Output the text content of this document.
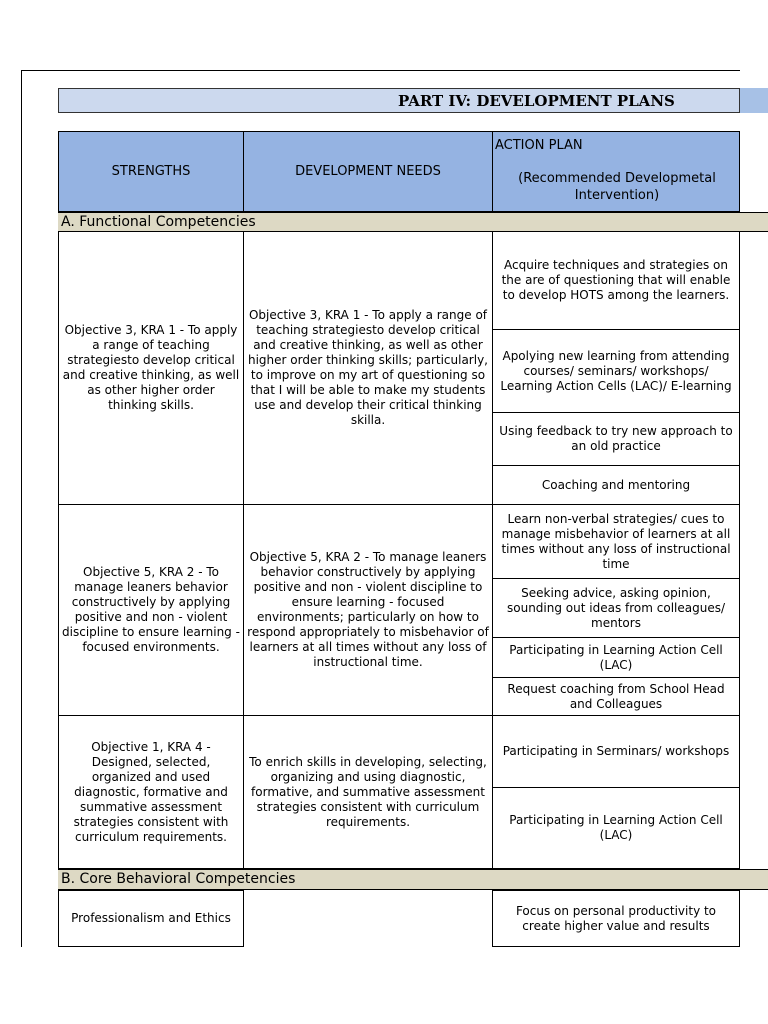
PART IV: DEVELOPMENT PLANS
STRENGTHS	DEVELOPMENT NEEDS
ACTION PLAN
(Recommended Developmetal Intervention)
A. Functional Competencies
Objective 3, KRA 1 - To apply a range of teaching strategiesto develop critical and creative thinking, as well as other higher order thinking skills.
Objective 3, KRA 1 - To apply a range of teaching strategiesto develop critical and creative thinking, as well as other higher order thinking skills; particularly, to improve on my art of questioning so that I will be able to make my students use and develop their critical thinking skilla.
Acquire techniques and strategies on the are of questioning that will enable to develop HOTS among the learners.
Apolying new learning from attending courses/ seminars/ workshops/ Learning Action Cells (LAC)/ E-learning
Using feedback to try new approach to an old practice
Coaching and mentoring
Objective 5, KRA 2 - To manage leaners behavior constructively by applying positive and non - violent discipline to ensure learning - focused environments.
Objective 5, KRA 2 - To manage leaners behavior constructively by applying positive and non - violent discipline to ensure learning - focused environments; particularly on how to respond appropriately to misbehavior of learners at all times without any loss of instructional time.
Learn non-verbal strategies/ cues to manage misbehavior of learners at all times without any loss of instructional time
Seeking advice, asking opinion, sounding out ideas from colleagues/ mentors
Participating in Learning Action Cell (LAC)
Request coaching from School Head and Colleagues
Objective 1, KRA 4 - Designed, selected, organized and used diagnostic, formative and summative assessment strategies consistent with curriculum requirements.
To enrich skills in developing, selecting, organizing and using diagnostic, formative, and summative assessment strategies consistent with curriculum requirements.
Participating in Serminars/ workshops
Participating in Learning Action Cell (LAC)
B. Core Behavioral Competencies
Professionalism and Ethics
Focus on personal productivity to create higher value and results
